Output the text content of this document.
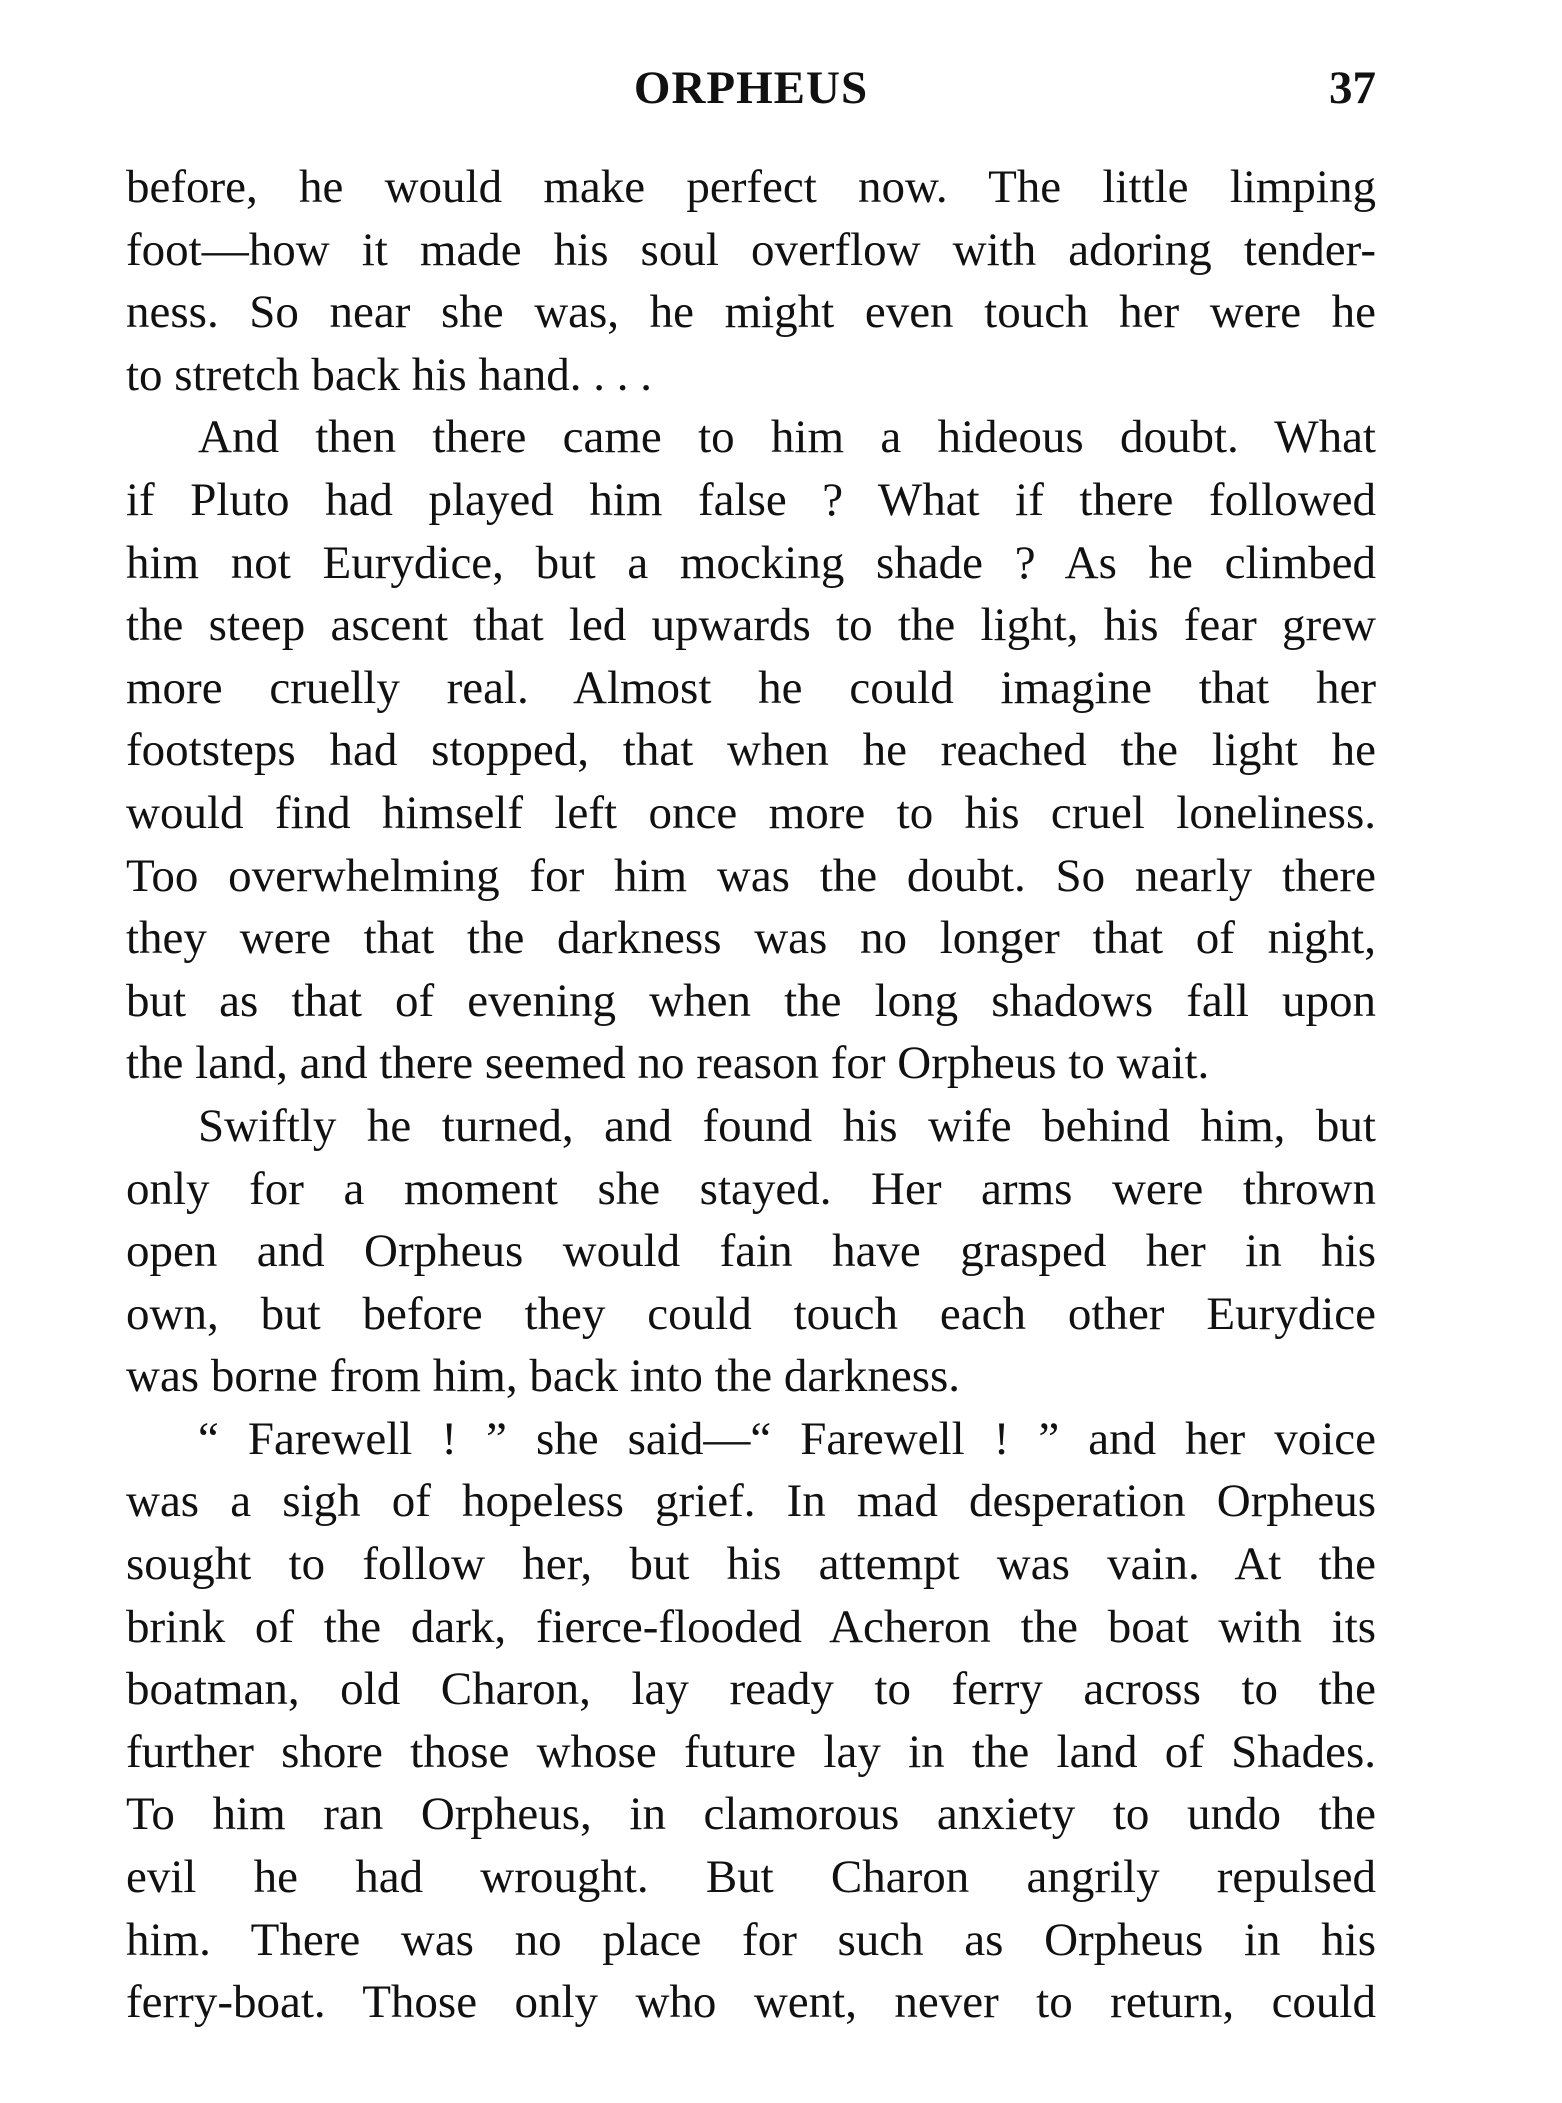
ORPHEUS	37
before, he would make perfect now. The little limping
foot—how it made his soul overflow with adoring tender-
ness. So near she was, he might even touch her were he
to stretch back his hand. . . .
And then there came to him a hideous doubt. What
if Pluto had played him false ? What if there followed
him not Eurydice, but a mocking shade ? As he climbed
the steep ascent that led upwards to the light, his fear grew
more cruelly real. Almost he could imagine that her
footsteps had stopped, that when he reached the light he
would find himself left once more to his cruel loneliness.
Too overwhelming for him was the doubt. So nearly there
they were that the darkness was no longer that of night,
but as that of evening when the long shadows fall upon
the land, and there seemed no reason for Orpheus to wait.
Swiftly he turned, and found his wife behind him, but
only for a moment she stayed. Her arms were thrown
open and Orpheus would fain have grasped her in his
own, but before they could touch each other Eurydice
was borne from him, back into the darkness.
“ Farewell ! ” she said—“ Farewell ! ” and her voice
was a sigh of hopeless grief. In mad desperation Orpheus
sought to follow her, but his attempt was vain. At the
brink of the dark, fierce-flooded Acheron the boat with its
boatman, old Charon, lay ready to ferry across to the
further shore those whose future lay in the land of Shades.
To him ran Orpheus, in clamorous anxiety to undo the
evil he had wrought. But Charon angrily repulsed
him. There was no place for such as Orpheus in his
ferry-boat. Those only who went, never to return, could
